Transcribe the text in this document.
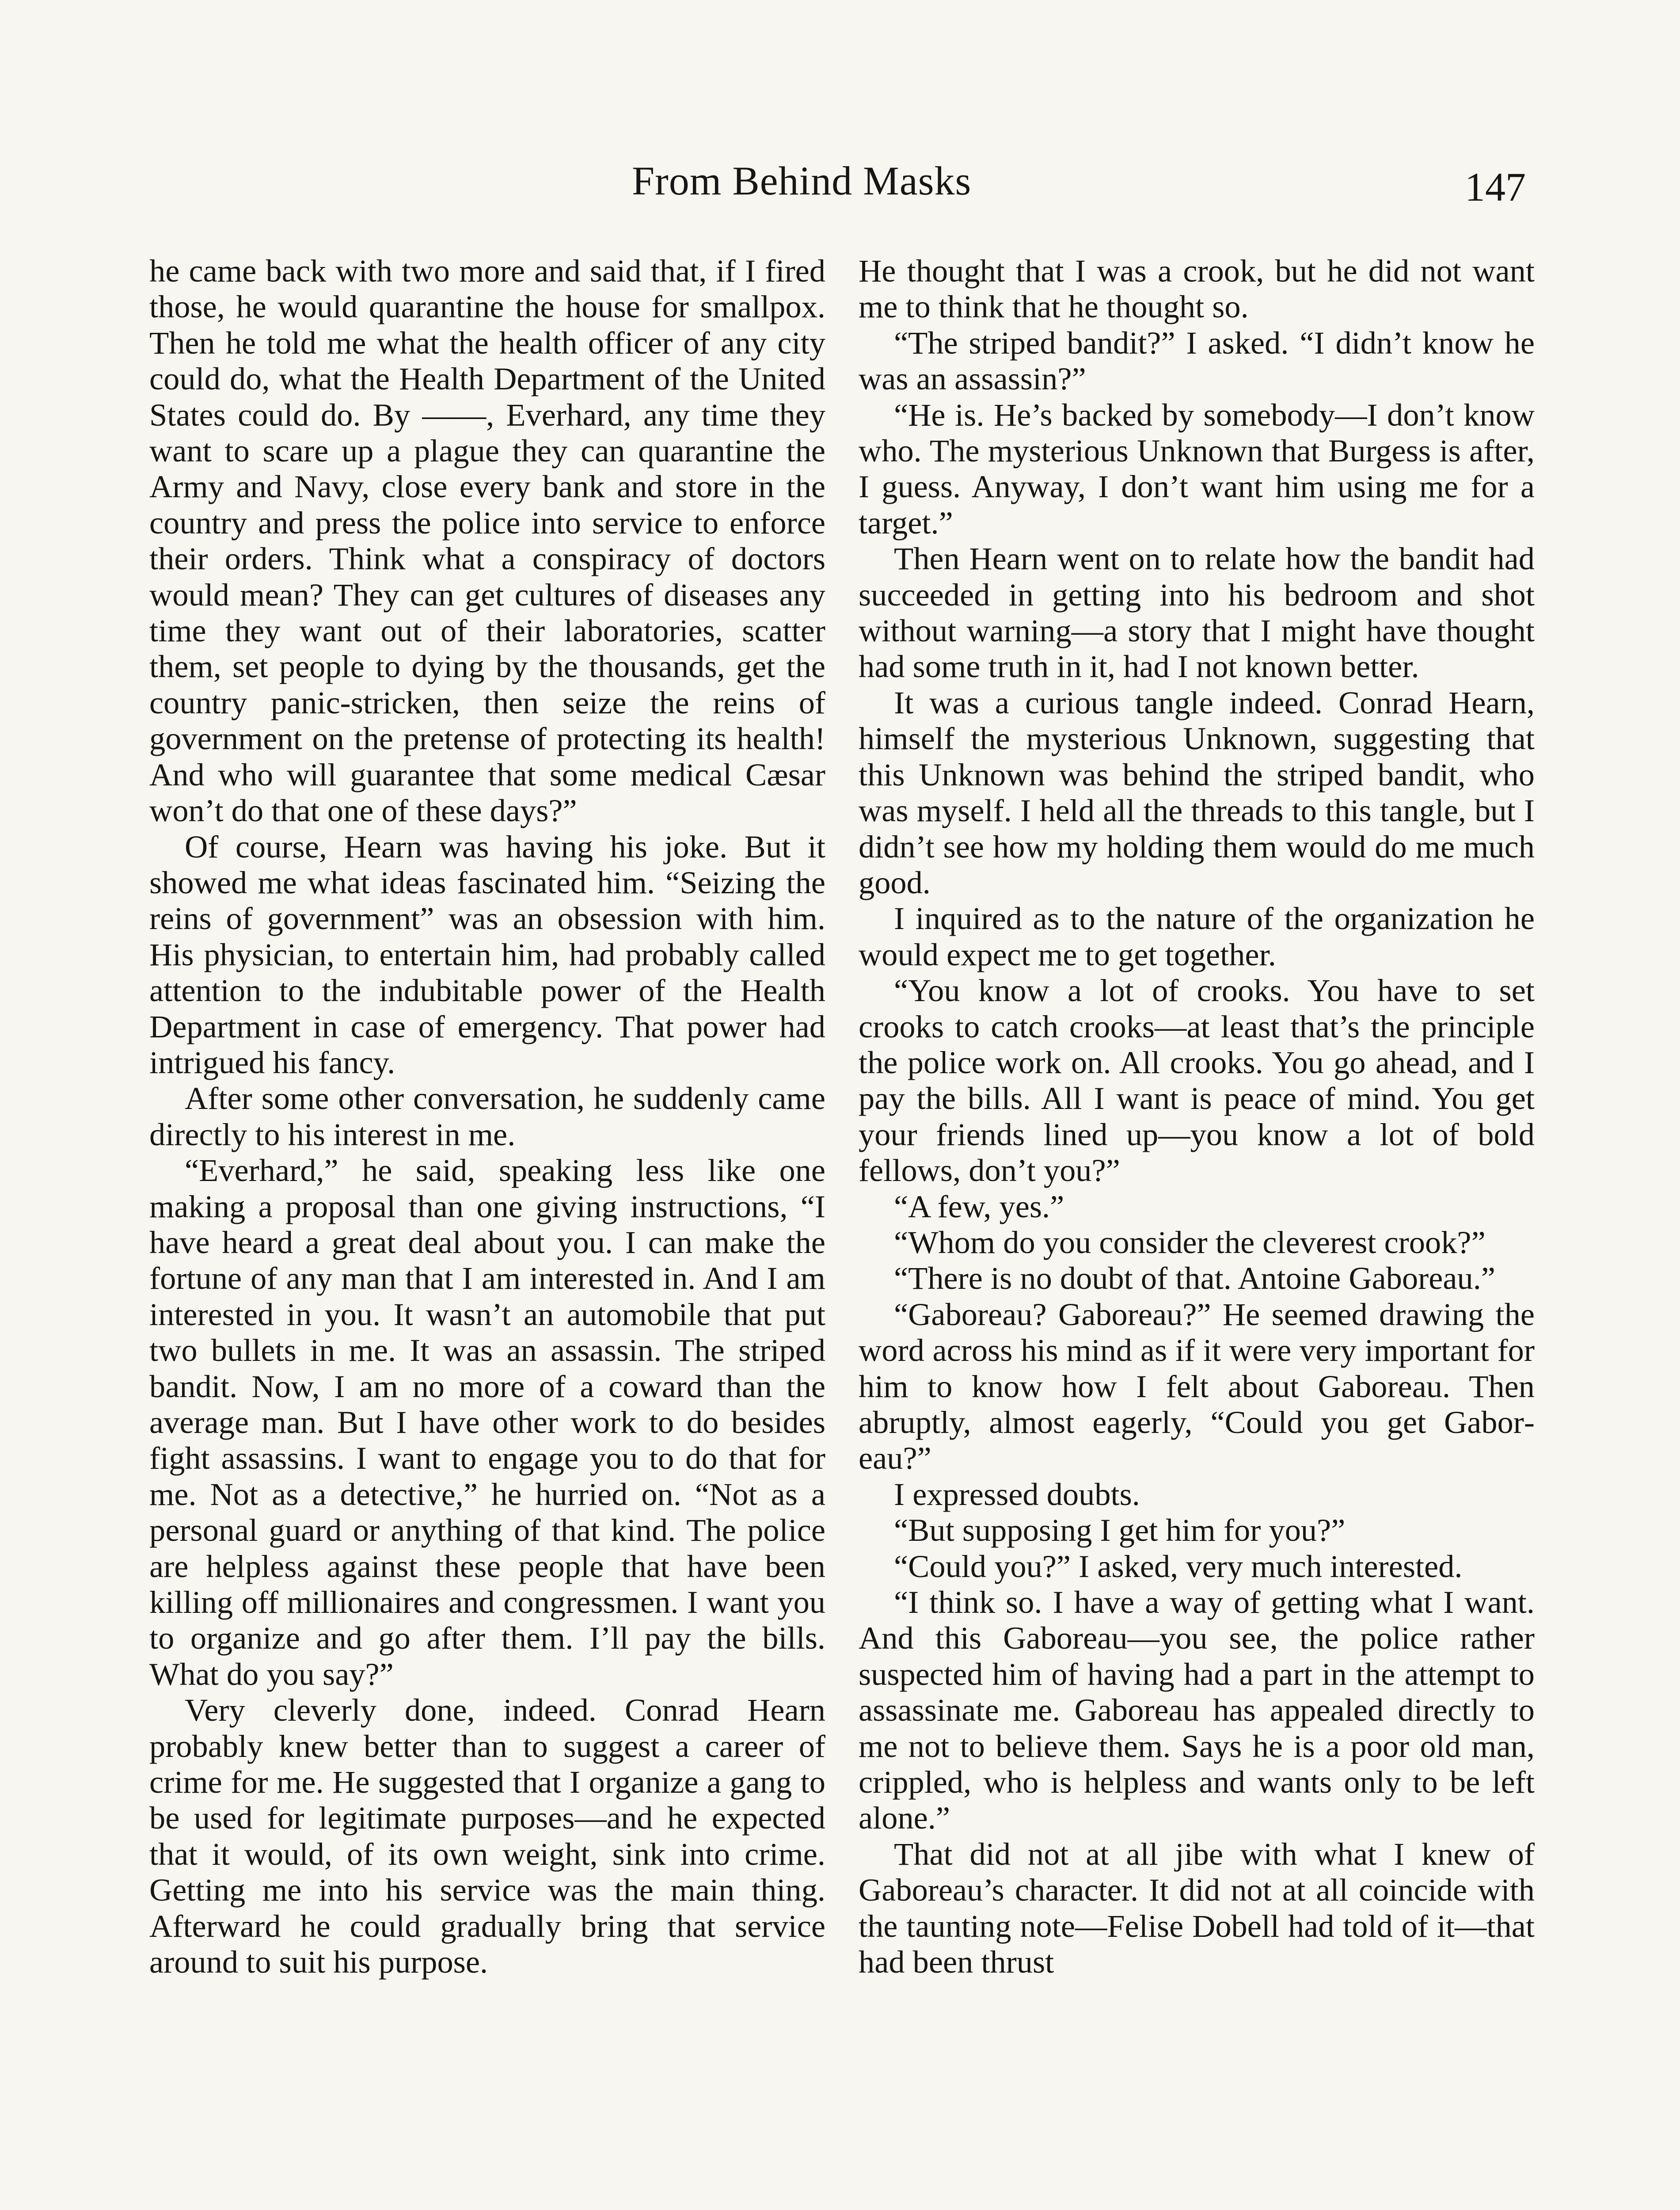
From Behind Masks	147

he came back with two more and said that, if I fired those, he would quarantine the house for smallpox. Then he told me what the health officer of any city could do, what the Health Department of the United States could do. By ——, Everhard, any time they want to scare up a plague they can quarantine the Army and Navy, close every bank and store in the country and press the police into service to enforce their orders. Think what a conspiracy of doctors would mean? They can get cultures of diseases any time they want out of their laboratories, scatter them, set people to dying by the thousands, get the country panic-stricken, then seize the reins of government on the pretense of protecting its health! And who will guarantee that some medical Cæsar won’t do that one of these days?”

Of course, Hearn was having his joke. But it showed me what ideas fascinated him. “Seizing the reins of government” was an obsession with him. His physician, to entertain him, had probably called attention to the indubitable power of the Health Department in case of emergency. That power had intrigued his fancy.

After some other conversation, he suddenly came directly to his interest in me.

“Everhard,” he said, speaking less like one making a proposal than one giving instructions, “I have heard a great deal about you. I can make the fortune of any man that I am interested in. And I am interested in you. It wasn’t an automobile that put two bullets in me. It was an assassin. The striped bandit. Now, I am no more of a coward than the average man. But I have other work to do besides fight assassins. I want to engage you to do that for me. Not as a detective,” he hurried on. “Not as a personal guard or anything of that kind. The police are helpless against these people that have been killing off millionaires and congressmen. I want you to organize and go after them. I’ll pay the bills. What do you say?”

Very cleverly done, indeed. Conrad Hearn probably knew better than to suggest a career of crime for me. He suggested that I organize a gang to be used for legitimate purposes—and he expected that it would, of its own weight, sink into crime. Getting me into his service was the main thing. Afterward he could gradually bring that service around to suit his purpose.

He thought that I was a crook, but he did not want me to think that he thought so.

“The striped bandit?” I asked. “I didn’t know he was an assassin?”

“He is. He’s backed by somebody—I don’t know who. The mysterious Unknown that Burgess is after, I guess. Anyway, I don’t want him using me for a target.”

Then Hearn went on to relate how the bandit had succeeded in getting into his bedroom and shot without warning—a story that I might have thought had some truth in it, had I not known better.

It was a curious tangle indeed. Conrad Hearn, himself the mysterious Unknown, suggesting that this Unknown was behind the striped bandit, who was myself. I held all the threads to this tangle, but I didn’t see how my holding them would do me much good.

I inquired as to the nature of the organization he would expect me to get together.

“You know a lot of crooks. You have to set crooks to catch crooks—at least that’s the principle the police work on. All crooks. You go ahead, and I pay the bills. All I want is peace of mind. You get your friends lined up—you know a lot of bold fellows, don’t you?”

“A few, yes.”

“Whom do you consider the cleverest crook?”

“There is no doubt of that. Antoine Gaboreau.”

“Gaboreau? Gaboreau?” He seemed drawing the word across his mind as if it were very important for him to know how I felt about Gaboreau. Then abruptly, almost eagerly, “Could you get Gaboreau?”

I expressed doubts.

“But supposing I get him for you?”

“Could you?” I asked, very much interested.

“I think so. I have a way of getting what I want. And this Gaboreau—you see, the police rather suspected him of having had a part in the attempt to assassinate me. Gaboreau has appealed directly to me not to believe them. Says he is a poor old man, crippled, who is helpless and wants only to be left alone.”

That did not at all jibe with what I knew of Gaboreau’s character. It did not at all coincide with the taunting note—Felise Dobell had told of it—that had been thrust
